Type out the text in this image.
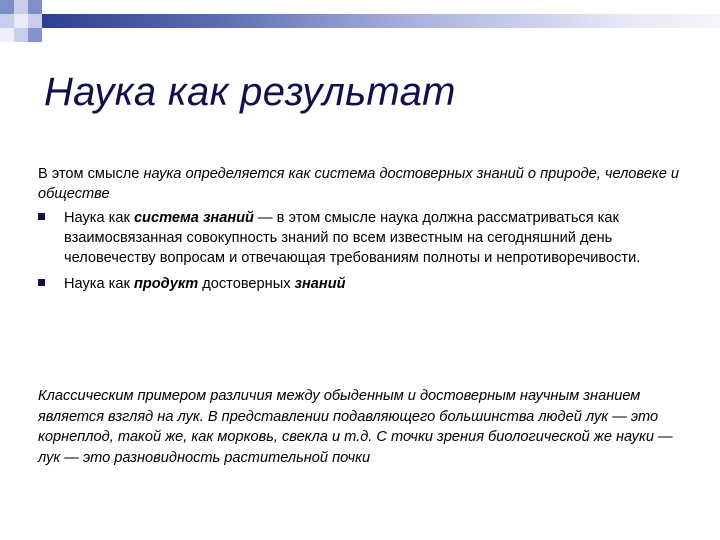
Наука как результат

В этом смысле наука определяется как система достоверных знаний о природе, человеке и обществе

Наука как система знаний — в этом смысле наука должна рассматриваться как взаимосвязанная совокупность знаний по всем известным на сегодняшний день человечеству вопросам и отвечающая требованиям полноты и непротиворечивости.
Наука как продукт достоверных знаний

Классическим примером различия между обыденным и достоверным научным знанием является взгляд на лук. В представлении подавляющего большинства людей лук — это корнеплод, такой же, как морковь, свекла и т.д. С точки зрения биологической же науки — лук — это разновидность растительной почки
